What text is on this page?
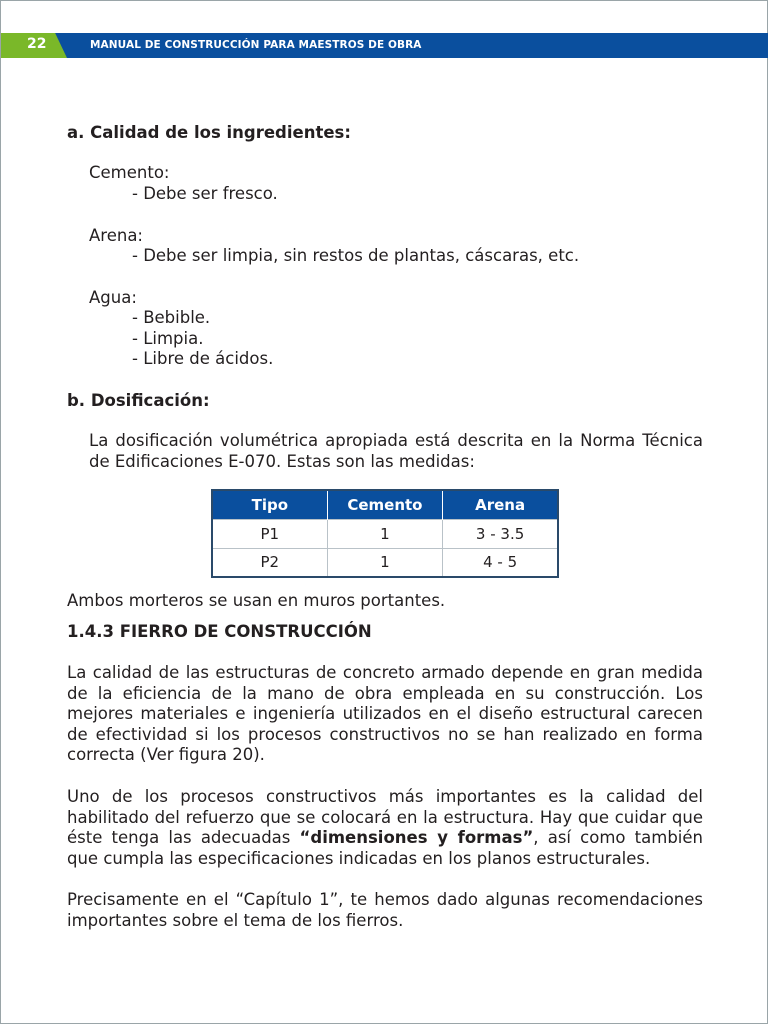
22	MANUAL DE CONSTRUCCIÓN PARA MAESTROS DE OBRA
a. Calidad de los ingredientes:
Cemento:
- Debe ser fresco.
Arena:
- Debe ser limpia, sin restos de plantas, cáscaras, etc.
Agua:
- Bebible.
- Limpia.
- Libre de ácidos.
b. Dosificación:
La dosificación volumétrica apropiada está descrita en la Norma Técnica de Edificaciones E-070. Estas son las medidas:
Tipo	Cemento	Arena
P1	1	3 - 3.5
P2	1	4 - 5
Ambos morteros se usan en muros portantes.
1.4.3 FIERRO DE CONSTRUCCIÓN
La calidad de las estructuras de concreto armado depende en gran medida de la eficiencia de la mano de obra empleada en su construcción. Los mejores materiales e ingeniería utilizados en el diseño estructural carecen de efectividad si los procesos constructivos no se han realizado en forma correcta (Ver figura 20).
Uno de los procesos constructivos más importantes es la calidad del habilitado del refuerzo que se colocará en la estructura. Hay que cuidar que éste tenga las adecuadas “dimensiones y formas”, así como también que cumpla las especificaciones indicadas en los planos estructurales.
Precisamente en el “Capítulo 1”, te hemos dado algunas recomendaciones importantes sobre el tema de los fierros.
